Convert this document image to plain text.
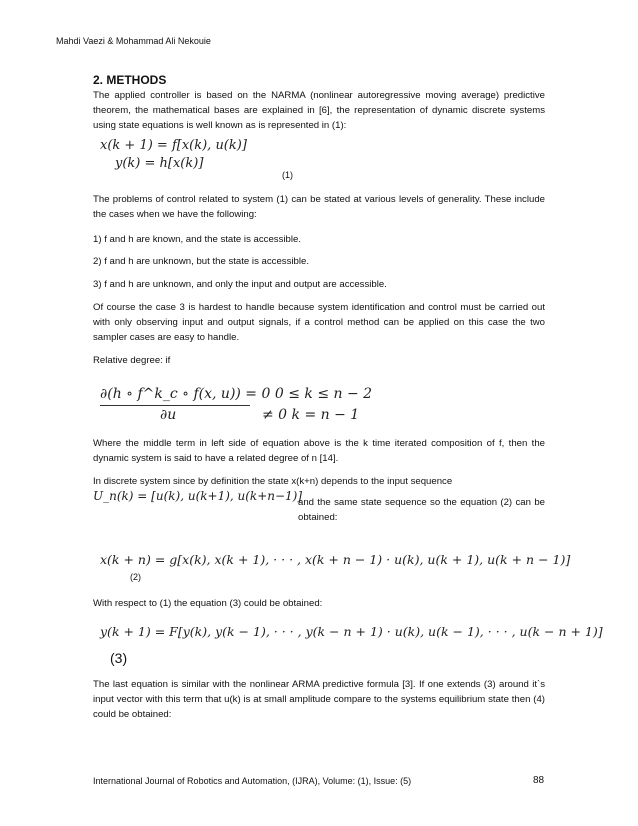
Mahdi Vaezi & Mohammad Ali Nekouie
2. METHODS
The applied controller is based on the NARMA (nonlinear autoregressive moving average) predictive theorem, the mathematical bases are explained in [6], the representation of dynamic discrete systems using state equations is well known as is represented in (1):
x(k + 1) = f[x(k), u(k)]
y(k) = h[x(k)]
(1)
The problems of control related to system (1) can be stated at various levels of generality. These include the cases when we have the following:
1) f and h are known, and the state is accessible.
2) f and h are unknown, but the state is accessible.
3) f and h are unknown, and only the input and output are accessible.
Of course the case 3 is hardest to handle because system identification and control must be carried out with only observing input and output signals, if a control method can be applied on this case the two sampler cases are easy to handle.
Relative degree: if
∂(h ∘ f^k_c ∘ f(x, u)) = 0 0 ≤ k ≤ n − 2
∂u	≠ 0 k = n − 1
Where the middle term in left side of equation above is the k time iterated composition of f, then the dynamic system is said to have a related degree of n [14].
In discrete system since by definition the state x(k+n) depends to the input sequence
U_n(k) = [u(k), u(k+1), u(k+n−1)]
and the same state sequence so the equation (2) can be obtained:
x(k + n) = g[x(k), x(k + 1), · · · , x(k + n − 1) · u(k), u(k + 1), u(k + n − 1)]
(2)
With respect to (1) the equation (3) could be obtained:
y(k + 1) = F[y(k), y(k − 1), · · · , y(k − n + 1) · u(k), u(k − 1), · · · , u(k − n + 1)]
(3)
The last equation is similar with the nonlinear ARMA predictive formula [3]. If one extends (3) around it`s input vector with this term that u(k) is at small amplitude compare to the systems equilibrium state then (4) could be obtained:
International Journal of Robotics and Automation, (IJRA), Volume: (1), Issue: (5)	88
